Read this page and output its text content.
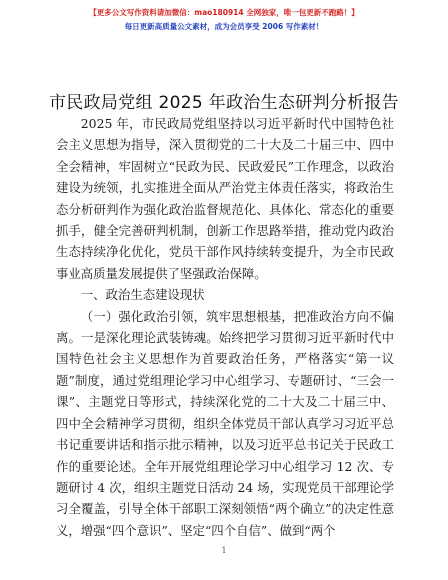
【更多公文写作资料请加微信：mao180914 全网独家，唯一包更新不跑路！】
每日更新高质量公文素材，成为会员享受 2006 写作素材！
市民政局党组 2025 年政治生态研判分析报告

2025 年，市民政局党组坚持以习近平新时代中国特色社会主义思想为指导，深入贯彻党的二十大及二十届三中、四中全会精神，牢固树立“民政为民、民政爱民”工作理念，以政治建设为统领，扎实推进全面从严治党主体责任落实，将政治生态分析研判作为强化政治监督规范化、具体化、常态化的重要抓手，健全完善研判机制，创新工作思路举措，推动党内政治生态持续净化优化，党员干部作风持续转变提升，为全市民政事业高质量发展提供了坚强政治保障。

一、政治生态建设现状

（一）强化政治引领，筑牢思想根基，把准政治方向不偏离。一是深化理论武装铸魂。始终把学习贯彻习近平新时代中国特色社会主义思想作为首要政治任务，严格落实“第一议题”制度，通过党组理论学习中心组学习、专题研讨、“三会一课”、主题党日等形式，持续深化党的二十大及二十届三中、四中全会精神学习贯彻，组织全体党员干部认真学习习近平总书记重要讲话和指示批示精神，以及习近平总书记关于民政工作的重要论述。全年开展党组理论学习中心组学习 12 次、专题研讨 4 次，组织主题党日活动 24 场，实现党员干部理论学习全覆盖，引导全体干部职工深刻领悟“两个确立”的决定性意义，增强“四个意识”、坚定“四个自信”、做到“两个

1
